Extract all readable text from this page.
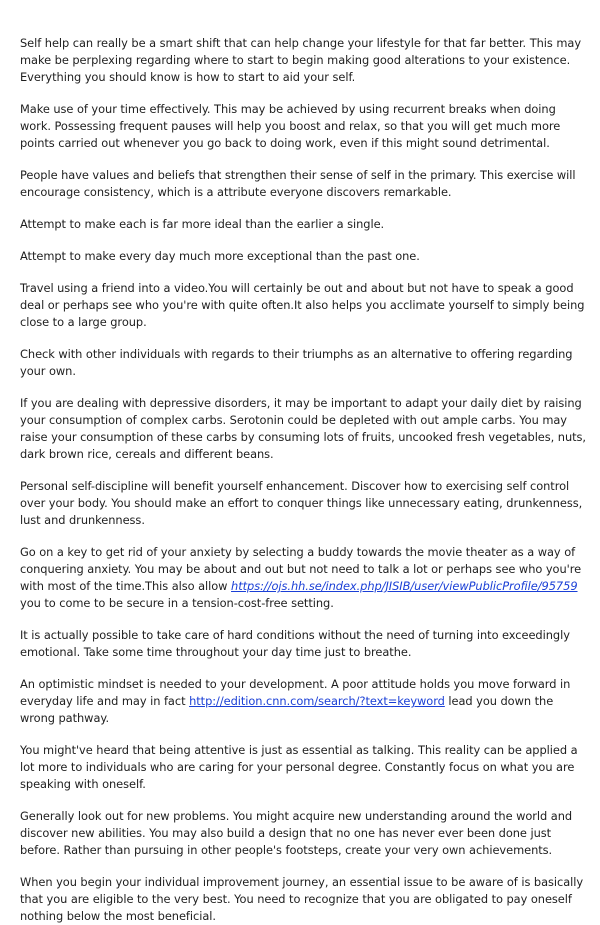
Self help can really be a smart shift that can help change your lifestyle for that far better. This may make be perplexing regarding where to start to begin making good alterations to your existence. Everything you should know is how to start to aid your self.

Make use of your time effectively. This may be achieved by using recurrent breaks when doing work. Possessing frequent pauses will help you boost and relax, so that you will get much more points carried out whenever you go back to doing work, even if this might sound detrimental.

People have values and beliefs that strengthen their sense of self in the primary. This exercise will encourage consistency, which is a attribute everyone discovers remarkable.

Attempt to make each is far more ideal than the earlier a single.

Attempt to make every day much more exceptional than the past one.

Travel using a friend into a video.You will certainly be out and about but not have to speak a good deal or perhaps see who you're with quite often.It also helps you acclimate yourself to simply being close to a large group.

Check with other individuals with regards to their triumphs as an alternative to offering regarding your own.

If you are dealing with depressive disorders, it may be important to adapt your daily diet by raising your consumption of complex carbs. Serotonin could be depleted with out ample carbs. You may raise your consumption of these carbs by consuming lots of fruits, uncooked fresh vegetables, nuts, dark brown rice, cereals and different beans.

Personal self-discipline will benefit yourself enhancement. Discover how to exercising self control over your body. You should make an effort to conquer things like unnecessary eating, drunkenness, lust and drunkenness.

Go on a key to get rid of your anxiety by selecting a buddy towards the movie theater as a way of conquering anxiety. You may be about and out but not need to talk a lot or perhaps see who you're with most of the time.This also allow https://ojs.hh.se/index.php/JISIB/user/viewPublicProfile/95759 you to come to be secure in a tension-cost-free setting.

It is actually possible to take care of hard conditions without the need of turning into exceedingly emotional. Take some time throughout your day time just to breathe.

An optimistic mindset is needed to your development. A poor attitude holds you move forward in everyday life and may in fact http://edition.cnn.com/search/?text=keyword lead you down the wrong pathway.

You might've heard that being attentive is just as essential as talking. This reality can be applied a lot more to individuals who are caring for your personal degree. Constantly focus on what you are speaking with oneself.

Generally look out for new problems. You might acquire new understanding around the world and discover new abilities. You may also build a design that no one has never ever been done just before. Rather than pursuing in other people's footsteps, create your very own achievements.

When you begin your individual improvement journey, an essential issue to be aware of is basically that you are eligible to the very best. You need to recognize that you are obligated to pay oneself nothing below the most beneficial.
